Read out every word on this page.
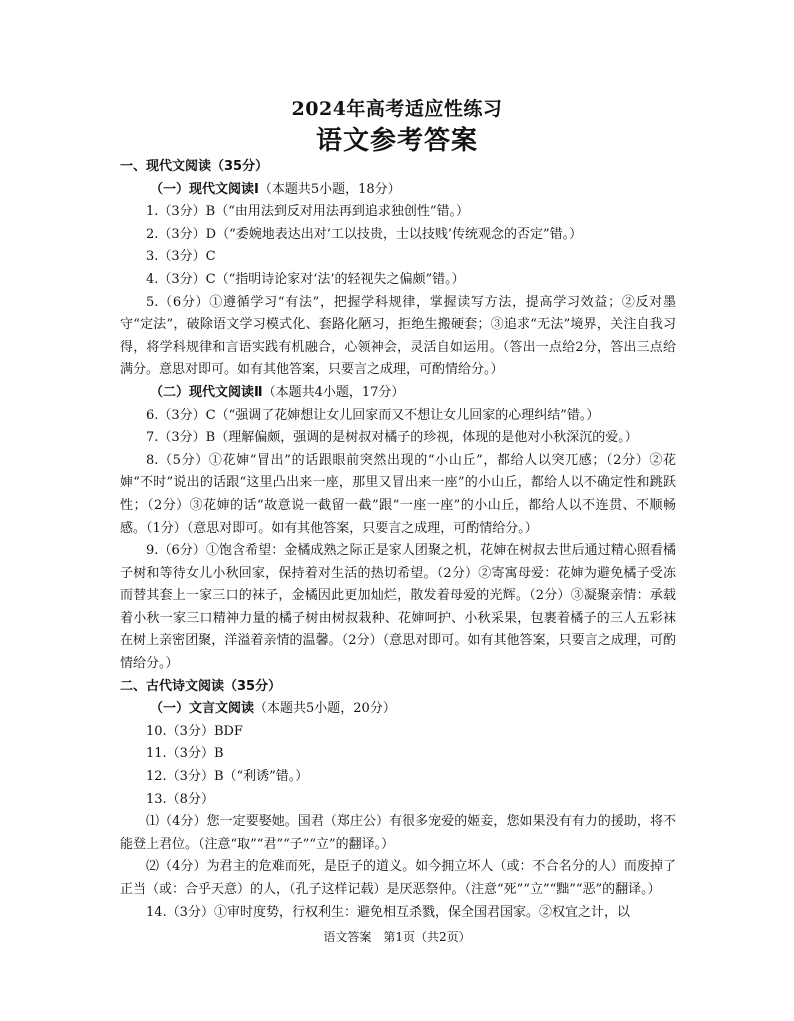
2024年高考适应性练习
语文参考答案

一、现代文阅读（35分）

（一）现代文阅读Ⅰ（本题共5小题，18分）

1.（3分）B（“由用法到反对用法再到追求独创性”错。）

2.（3分）D（“委婉地表达出对‘工以技贵，士以技贱’传统观念的否定”错。）

3.（3分）C

4.（3分）C（“指明诗论家对‘法’的轻视失之偏颇”错。）

5.（6分）①遵循学习“有法”，把握学科规律，掌握读写方法，提高学习效益；②反对墨守“定法”，破除语文学习模式化、套路化陋习，拒绝生搬硬套；③追求“无法”境界，关注自我习得，将学科规律和言语实践有机融合，心领神会，灵活自如运用。（答出一点给2分，答出三点给满分。意思对即可。如有其他答案，只要言之成理，可酌情给分。）

（二）现代文阅读Ⅱ（本题共4小题，17分）

6.（3分）C（“强调了花婶想让女儿回家而又不想让女儿回家的心理纠结”错。）

7.（3分）B（理解偏颇，强调的是树叔对橘子的珍视，体现的是他对小秋深沉的爱。）

8.（5分）①花婶“冒出”的话跟眼前突然出现的“小山丘”，都给人以突兀感；（2分）②花婶“不时”说出的话跟“这里凸出来一座，那里又冒出来一座”的小山丘，都给人以不确定性和跳跃性；（2分）③花婶的话“故意说一截留一截”跟“一座一座”的小山丘，都给人以不连贯、不顺畅感。（1分）（意思对即可。如有其他答案，只要言之成理，可酌情给分。）

9.（6分）①饱含希望：金橘成熟之际正是家人团聚之机，花婶在树叔去世后通过精心照看橘子树和等待女儿小秋回家，保持着对生活的热切希望。（2分）②寄寓母爱：花婶为避免橘子受冻而替其套上一家三口的袜子，金橘因此更加灿烂，散发着母爱的光辉。（2分）③凝聚亲情：承载着小秋一家三口精神力量的橘子树由树叔栽种、花婶呵护、小秋采果，包裹着橘子的三人五彩袜在树上亲密团聚，洋溢着亲情的温馨。（2分）（意思对即可。如有其他答案，只要言之成理，可酌情给分。）

二、古代诗文阅读（35分）

（一）文言文阅读（本题共5小题，20分）

10.（3分）BDF

11.（3分）B

12.（3分）B（“利诱”错。）

13.（8分）

⑴（4分）您一定要娶她。国君（郑庄公）有很多宠爱的姬妾，您如果没有有力的援助，将不能登上君位。（注意“取”“君”“子”“立”的翻译。）

⑵（4分）为君主的危难而死，是臣子的道义。如今拥立坏人（或：不合名分的人）而废掉了正当（或：合乎天意）的人，（孔子这样记载）是厌恶祭仲。（注意“死”“立”“黜”“恶”的翻译。）

14.（3分）①审时度势，行权利生：避免相互杀戮，保全国君国家。②权宜之计，以

语文答案　第1页（共2页）
